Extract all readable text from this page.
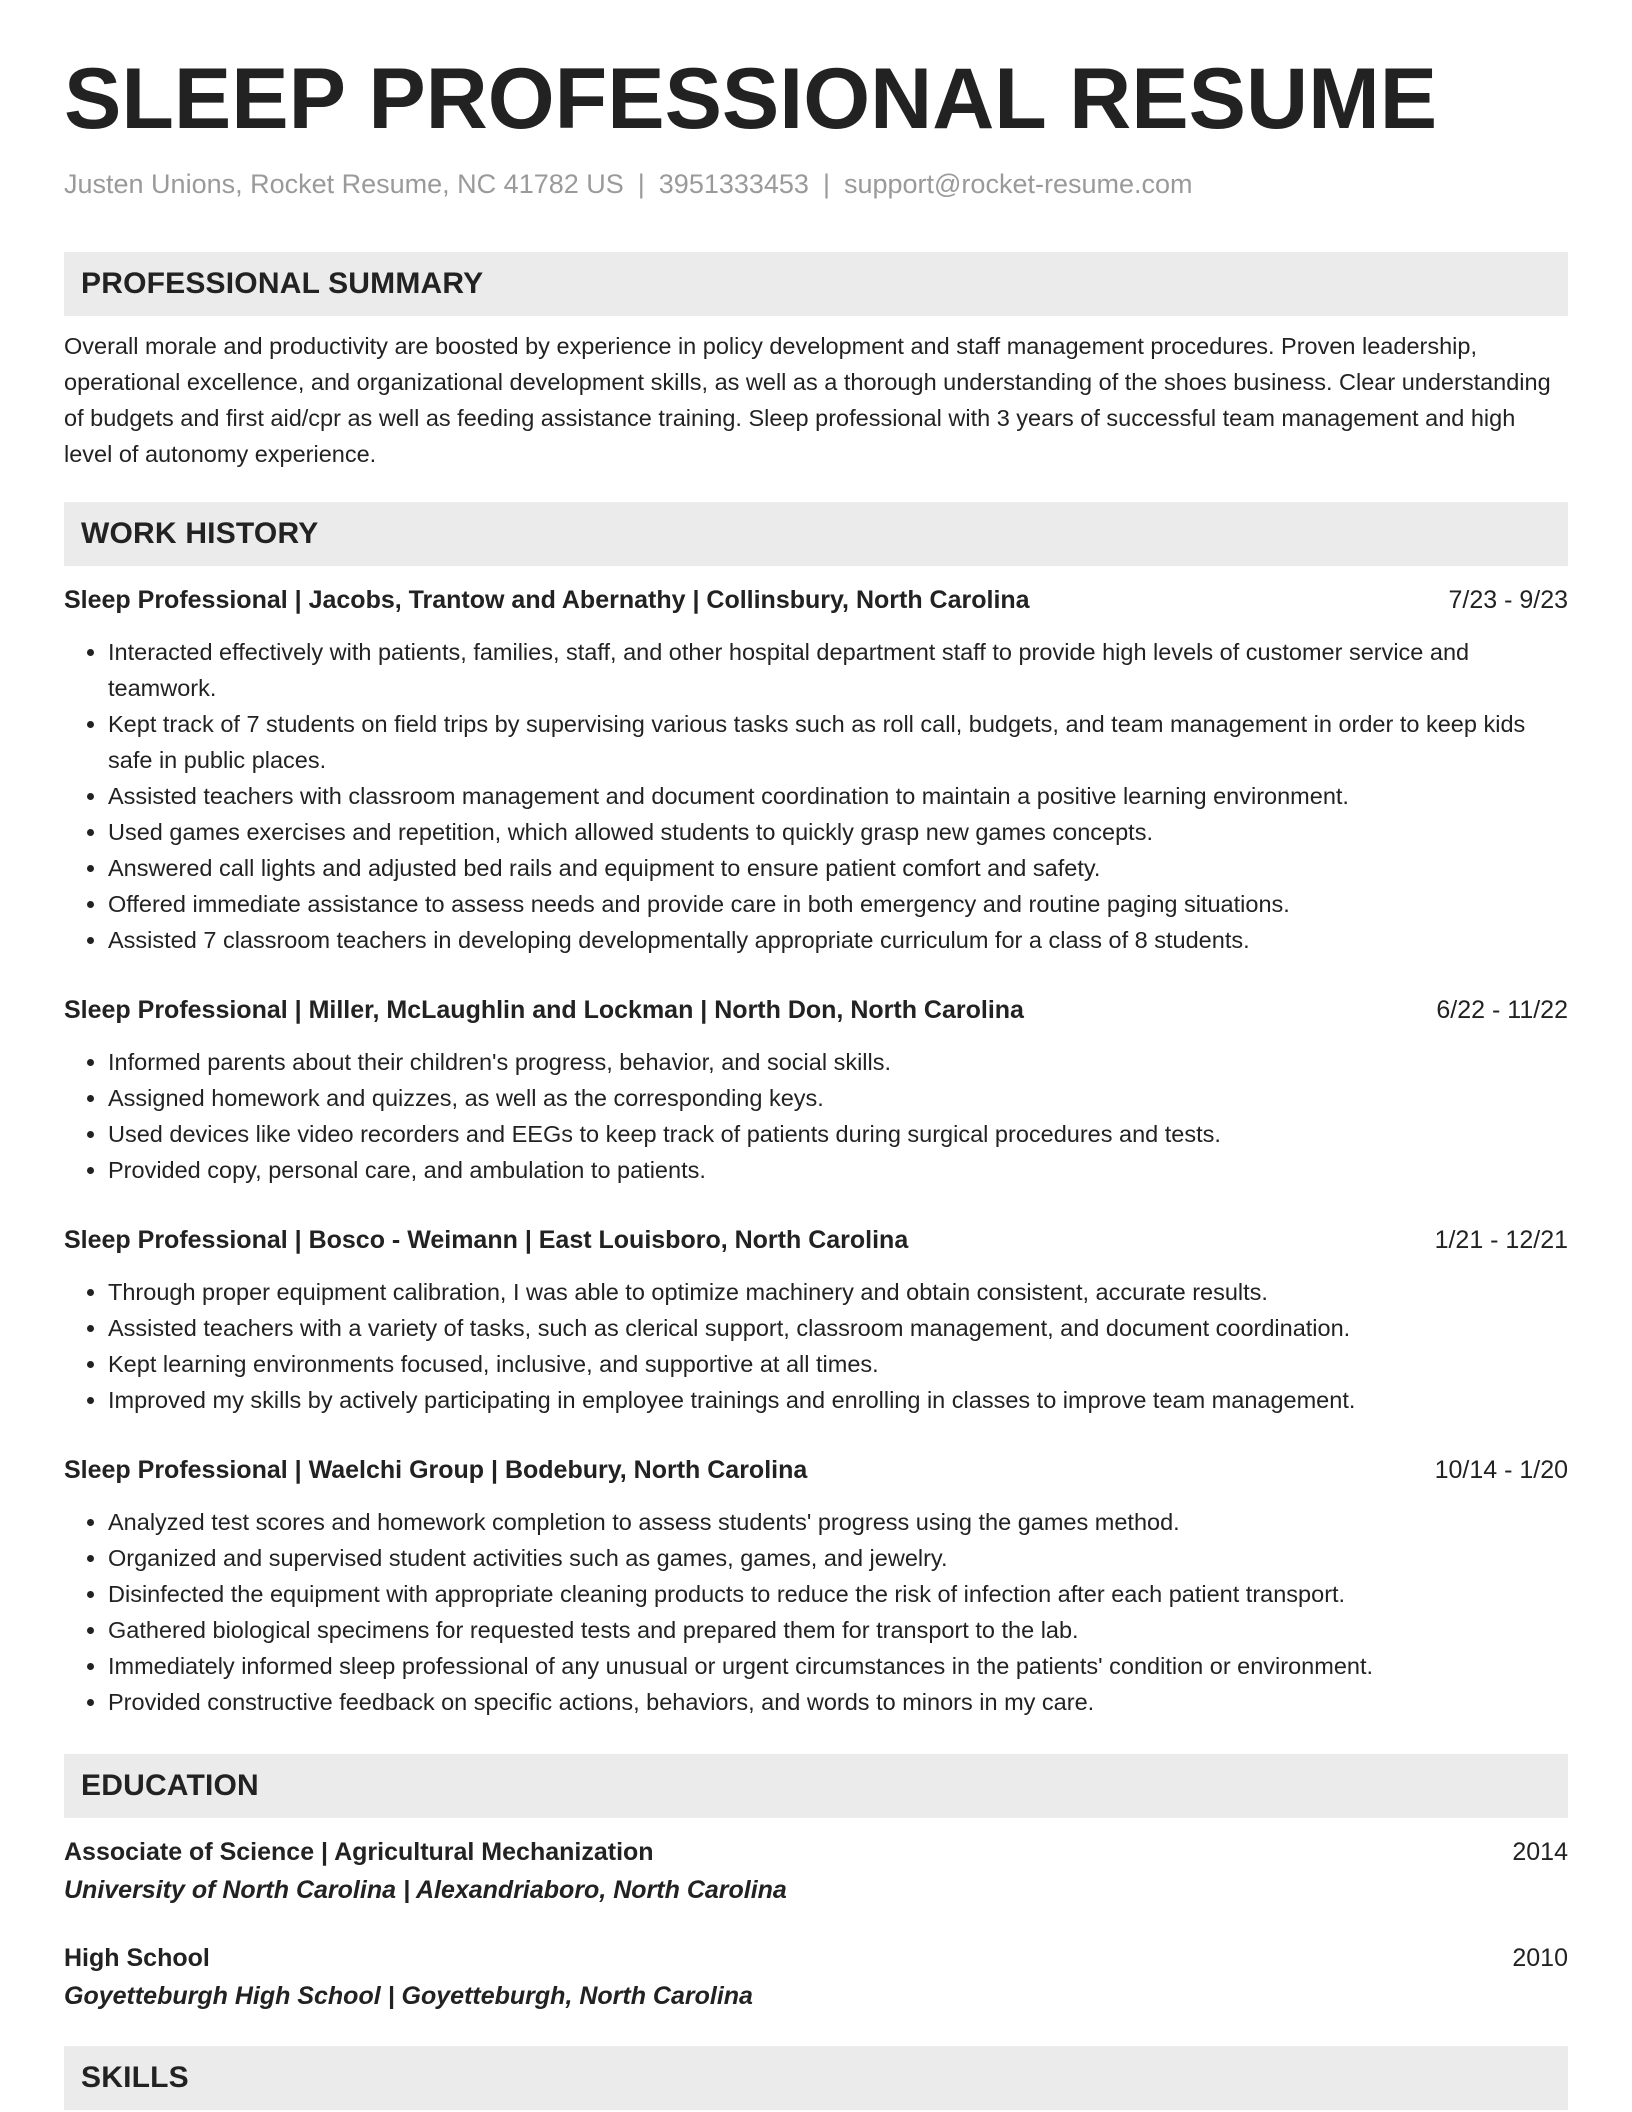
SLEEP PROFESSIONAL RESUME
Justen Unions, Rocket Resume, NC 41782 US | 3951333453 | support@rocket-resume.com
PROFESSIONAL SUMMARY

Overall morale and productivity are boosted by experience in policy development and staff management procedures. Proven leadership, operational excellence, and organizational development skills, as well as a thorough understanding of the shoes business. Clear understanding of budgets and first aid/cpr as well as feeding assistance training. Sleep professional with 3 years of successful team management and high level of autonomy experience.

WORK HISTORY
Sleep Professional | Jacobs, Trantow and Abernathy | Collinsbury, North Carolina	7/23 - 9/23
• Interacted effectively with patients, families, staff, and other hospital department staff to provide high levels of customer service and teamwork.
• Kept track of 7 students on field trips by supervising various tasks such as roll call, budgets, and team management in order to keep kids safe in public places.
• Assisted teachers with classroom management and document coordination to maintain a positive learning environment.
• Used games exercises and repetition, which allowed students to quickly grasp new games concepts.
• Answered call lights and adjusted bed rails and equipment to ensure patient comfort and safety.
• Offered immediate assistance to assess needs and provide care in both emergency and routine paging situations.
• Assisted 7 classroom teachers in developing developmentally appropriate curriculum for a class of 8 students.
Sleep Professional | Miller, McLaughlin and Lockman | North Don, North Carolina	6/22 - 11/22
• Informed parents about their children's progress, behavior, and social skills.
• Assigned homework and quizzes, as well as the corresponding keys.
• Used devices like video recorders and EEGs to keep track of patients during surgical procedures and tests.
• Provided copy, personal care, and ambulation to patients.
Sleep Professional | Bosco - Weimann | East Louisboro, North Carolina	1/21 - 12/21
• Through proper equipment calibration, I was able to optimize machinery and obtain consistent, accurate results.
• Assisted teachers with a variety of tasks, such as clerical support, classroom management, and document coordination.
• Kept learning environments focused, inclusive, and supportive at all times.
• Improved my skills by actively participating in employee trainings and enrolling in classes to improve team management.
Sleep Professional | Waelchi Group | Bodebury, North Carolina	10/14 - 1/20
• Analyzed test scores and homework completion to assess students' progress using the games method.
• Organized and supervised student activities such as games, games, and jewelry.
• Disinfected the equipment with appropriate cleaning products to reduce the risk of infection after each patient transport.
• Gathered biological specimens for requested tests and prepared them for transport to the lab.
• Immediately informed sleep professional of any unusual or urgent circumstances in the patients' condition or environment.
• Provided constructive feedback on specific actions, behaviors, and words to minors in my care.
EDUCATION
Associate of Science | Agricultural Mechanization	2014
University of North Carolina | Alexandriaboro, North Carolina
High School	2010
Goyetteburgh High School | Goyetteburgh, North Carolina
SKILLS
